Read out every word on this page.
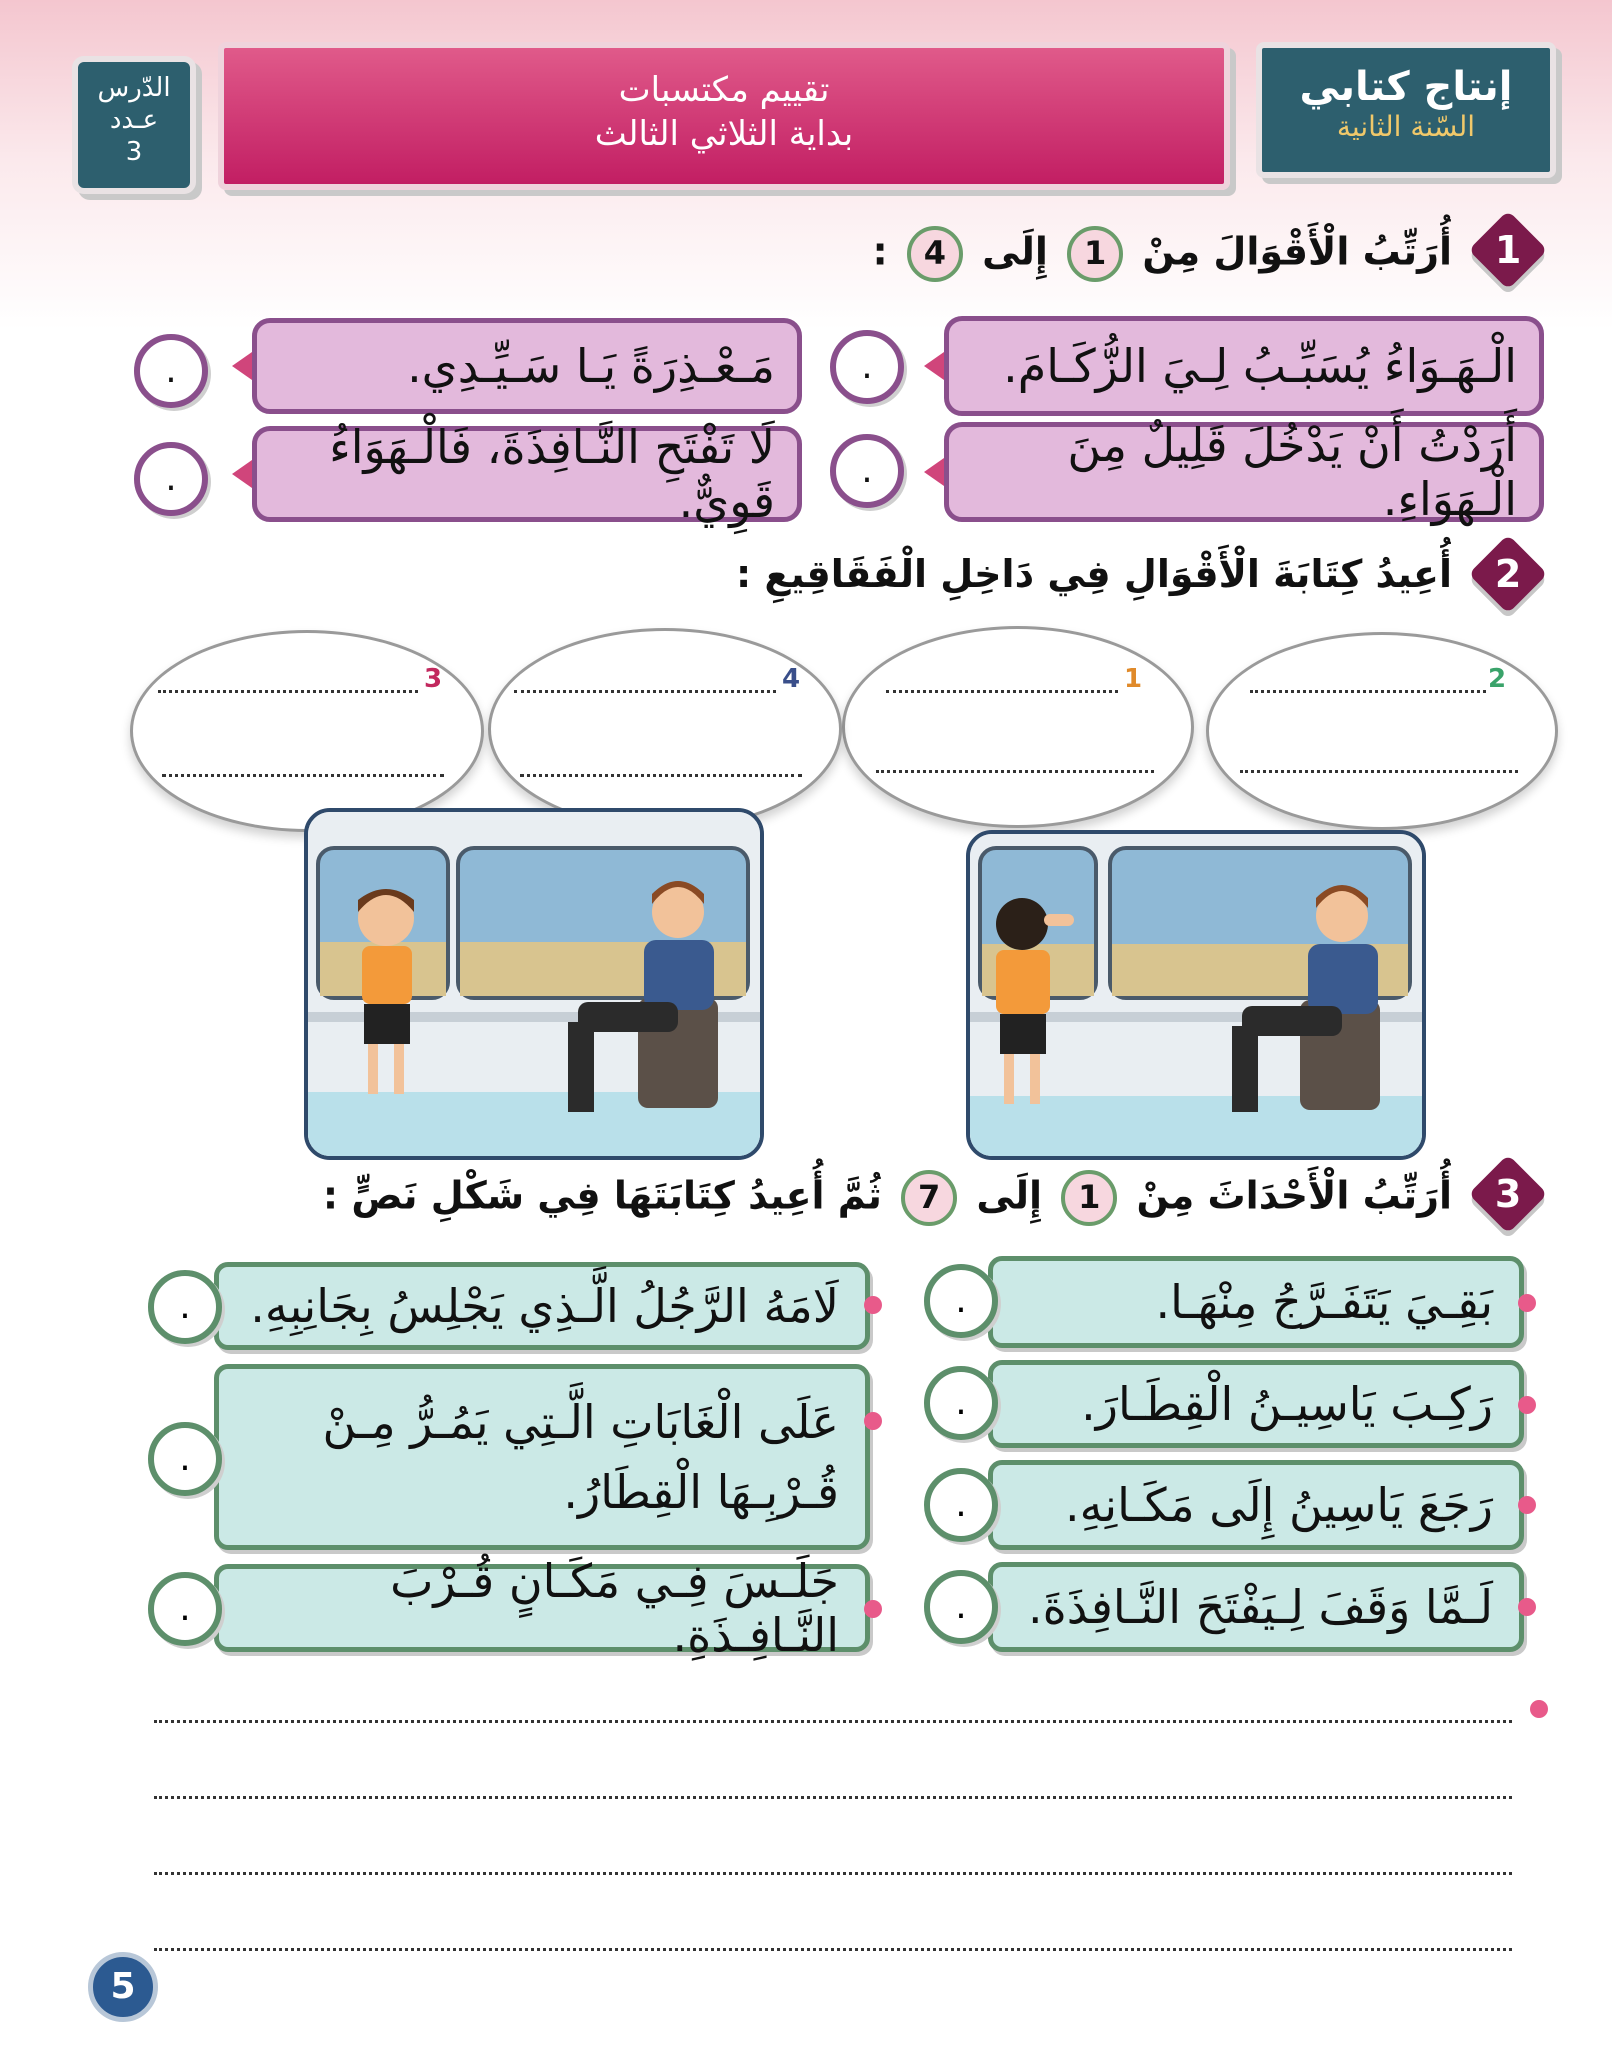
إنتاج كتابي
السّنة الثانية
تقييم مكتسبات
بداية الثلاثي الثالث
الدّرس
عـدد
3
1
أُرَتِّبُ الْأَقْوَالَ مِنْ 1 إِلَى 4 :
الْـهَـوَاءُ يُسَبِّـبُ لِـيَ الزُّكَـامَ.
.
مَـعْـذِرَةً يَـا سَـيِّـدِي.
.
أَرَدْتُ أَنْ يَدْخُلَ قَلِيلٌ مِنَ الْـهَوَاءِ.
.
لَا تَفْتَحِ النَّـافِذَةَ، فَالْـهَوَاءُ قَوِيٌّ.
.
2
أُعِيدُ كِتَابَةَ الْأَقْوَالِ فِي دَاخِلِ الْفَقَاقِيعِ :
2
1
4
3
3
أُرَتِّبُ الْأَحْدَاثَ مِنْ 1 إِلَى 7 ثُمَّ أُعِيدُ كِتَابَتَهَا فِي شَكْلِ نَصٍّ :
بَقِـيَ يَتَفَـرَّجُ مِنْهَـا.
.
رَكِـبَ يَاسِيـنُ الْقِطَـارَ.
.
رَجَعَ يَاسِينُ إِلَى مَكَـانِهِ.
.
لَـمَّا وَقَفَ لِـيَفْتَحَ النَّـافِذَةَ.
.
لَامَهُ الرَّجُلُ الَّـذِي يَجْلِسُ بِجَانِبِهِ.
.
عَلَى الْغَابَاتِ الَّـتِي يَمُـرُّ مِـنْ
قُـرْبِـهَا الْقِطَارُ.
.
جَلَـسَ فِـي مَكَـانٍ قُـرْبَ النَّـافِـذَةِ.
.
5
